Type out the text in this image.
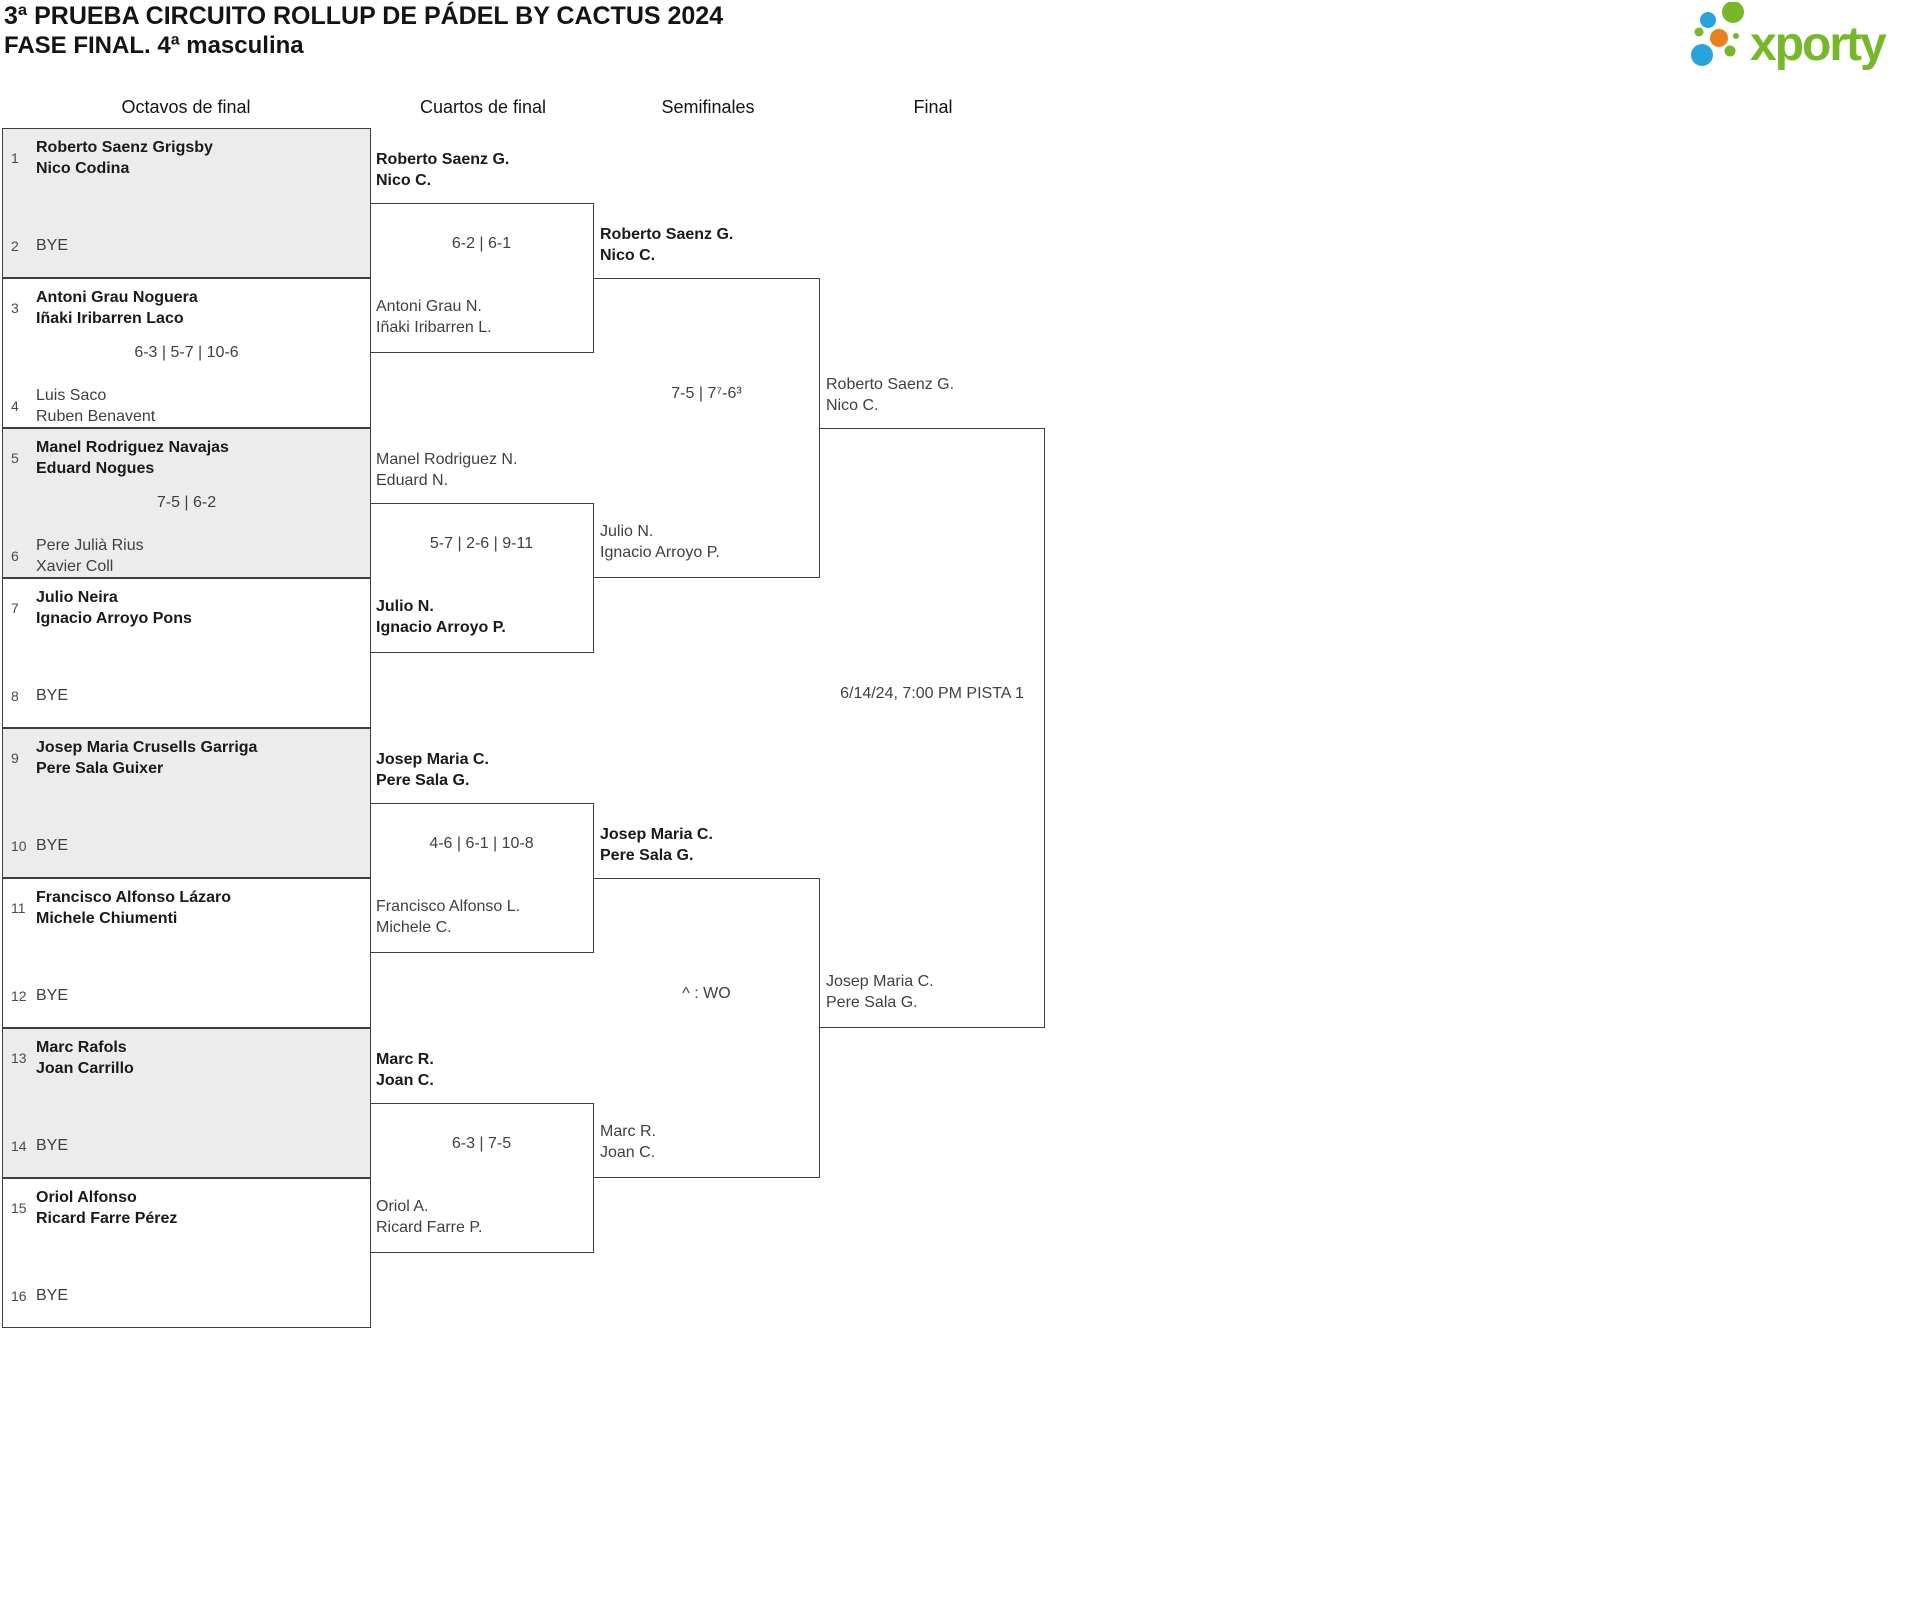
3ª PRUEBA CIRCUITO ROLLUP DE PÁDEL BY CACTUS 2024
FASE FINAL. 4ª masculina	xporty
Octavos de final	Cuartos de final	Semifinales	Final
1
Roberto Saenz Grigsby
Nico Codina
2	BYE
3
Antoni Grau Noguera
Iñaki Iribarren Laco
6-3 | 5-7 | 10-6
4
Luis Saco
Ruben Benavent
5
Manel Rodriguez Navajas
Eduard Nogues
7-5 | 6-2
6
Pere Julià Rius
Xavier Coll
7
Julio Neira
Ignacio Arroyo Pons
8	BYE
9
Josep Maria Crusells Garriga
Pere Sala Guixer
10 BYE
11
Francisco Alfonso Lázaro
Michele Chiumenti
12 BYE
13
Marc Rafols
Joan Carrillo
14 BYE
15
Oriol Alfonso
Ricard Farre Pérez
16 BYE
Roberto Saenz G.
Nico C.
6-2 | 6-1
Antoni Grau N.
Iñaki Iribarren L.
Manel Rodriguez N.
Eduard N.
5-7 | 2-6 | 9-11
Julio N.
Ignacio Arroyo P.
Josep Maria C.
Pere Sala G.
4-6 | 6-1 | 10-8
Francisco Alfonso L.
Michele C.
Marc R.
Joan C.
6-3 | 7-5
Oriol A.
Ricard Farre P.
Roberto Saenz G.
Nico C.
7-5 | 7⁷-6³
Julio N.
Ignacio Arroyo P.
Josep Maria C.
Pere Sala G.
^ : WO
Marc R.
Joan C.
Roberto Saenz G.
Nico C.
6/14/24, 7:00 PM PISTA 1
Josep Maria C.
Pere Sala G.
